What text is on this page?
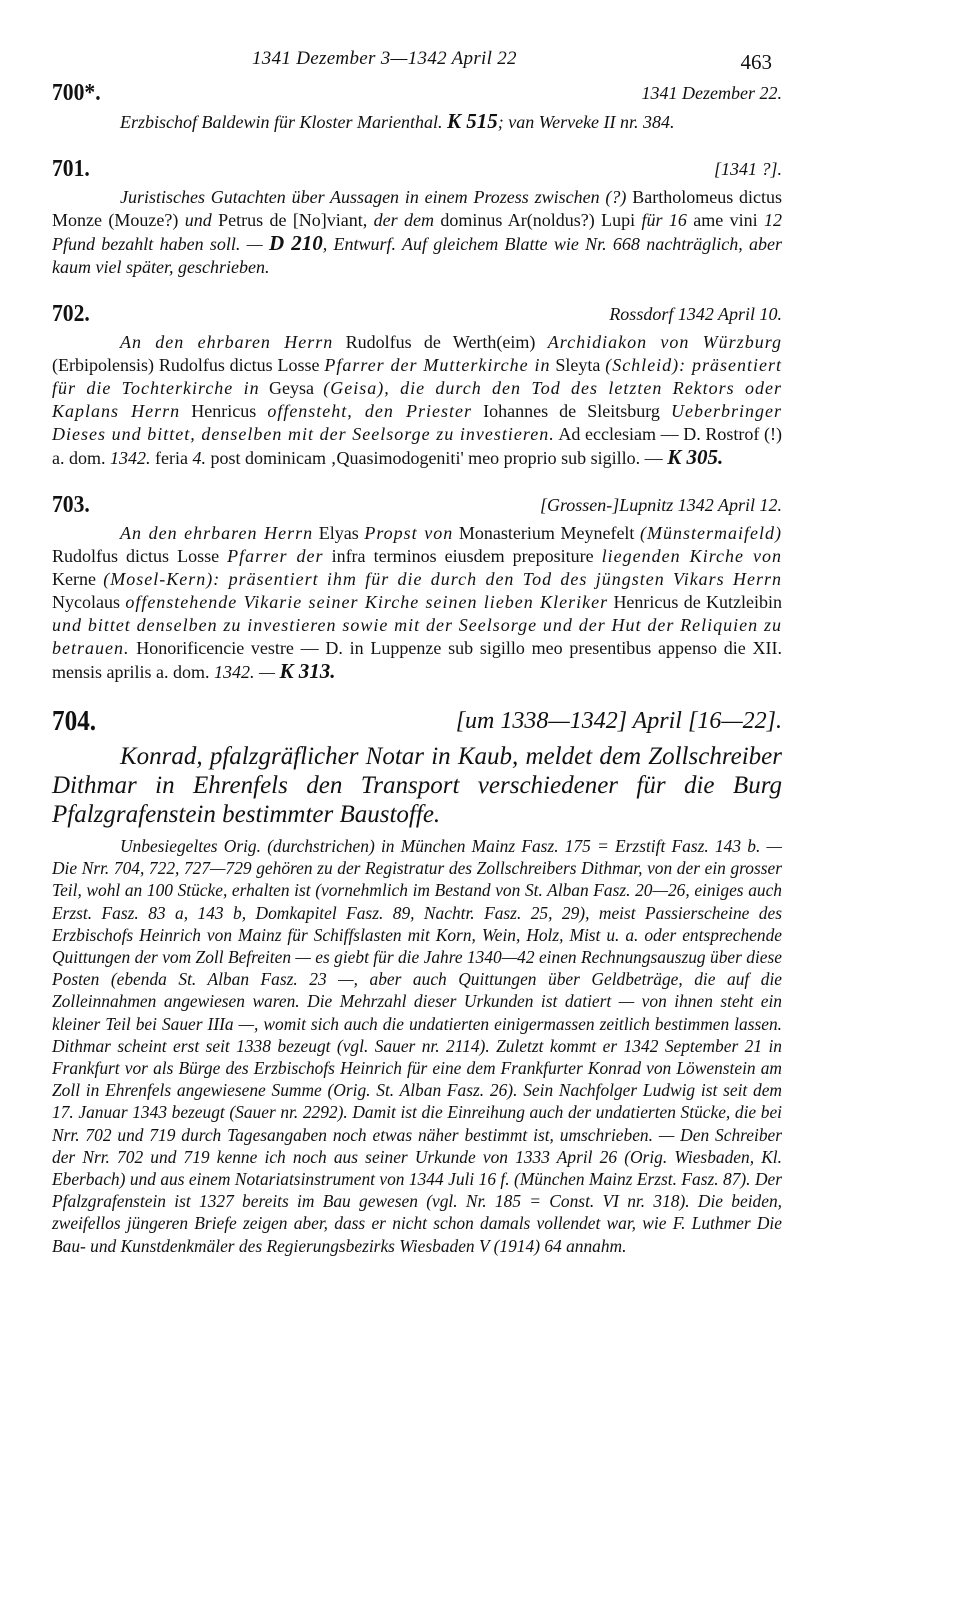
1341 Dezember 3—1342 April 22	463
700*.	1341 Dezember 22.
Erzbischof Baldewin für Kloster Marienthal. K 515; van Werveke II nr. 384.
701.	[1341 ?].
Juristisches Gutachten über Aussagen in einem Prozess zwischen (?) Bartholomeus dictus Monze (Mouze?) und Petrus de [No]viant, der dem dominus Ar(noldus?) Lupi für 16 ame vini 12 Pfund bezahlt haben soll. — D 210, Entwurf. Auf gleichem Blatte wie Nr. 668 nachträglich, aber kaum viel später, geschrieben.
702.	Rossdorf 1342 April 10.
An den ehrbaren Herrn Rudolfus de Werth(eim) Archidiakon von Würzburg (Erbipolensis) Rudolfus dictus Losse Pfarrer der Mutterkirche in Sleyta (Schleid): präsentiert für die Tochterkirche in Geysa (Geisa), die durch den Tod des letzten Rektors oder Kaplans Herrn Henricus offensteht, den Priester Iohannes de Sleitsburg Ueberbringer Dieses und bittet, denselben mit der Seelsorge zu investieren. Ad ecclesiam — D. Rostrof (!) a. dom. 1342. feria 4. post dominicam ‚Quasimodogeniti' meo proprio sub sigillo. — K 305.
703.	[Grossen-]Lupnitz 1342 April 12.
An den ehrbaren Herrn Elyas Propst von Monasterium Meynefelt (Münstermaifeld) Rudolfus dictus Losse Pfarrer der infra terminos eiusdem prepositure liegenden Kirche von Kerne (Mosel-Kern): präsentiert ihm für die durch den Tod des jüngsten Vikars Herrn Nycolaus offenstehende Vikarie seiner Kirche seinen lieben Kleriker Henricus de Kutzleibin und bittet denselben zu investieren sowie mit der Seelsorge und der Hut der Reliquien zu betrauen. Honorificencie vestre — D. in Luppenze sub sigillo meo presentibus appenso die XII. mensis aprilis a. dom. 1342. — K 313.
704.	[um 1338—1342] April [16—22].
Konrad, pfalzgräflicher Notar in Kaub, meldet dem Zollschreiber Dithmar in Ehrenfels den Transport verschiedener für die Burg Pfalzgrafenstein bestimmter Baustoffe.
Unbesiegeltes Orig. (durchstrichen) in München Mainz Fasz. 175 = Erzstift Fasz. 143 b. — Die Nrr. 704, 722, 727—729 gehören zu der Registratur des Zollschreibers Dithmar, von der ein grosser Teil, wohl an 100 Stücke, erhalten ist (vornehmlich im Bestand von St. Alban Fasz. 20—26, einiges auch Erzst. Fasz. 83 a, 143 b, Domkapitel Fasz. 89, Nachtr. Fasz. 25, 29), meist Passierscheine des Erzbischofs Heinrich von Mainz für Schiffslasten mit Korn, Wein, Holz, Mist u. a. oder entsprechende Quittungen der vom Zoll Befreiten — es giebt für die Jahre 1340—42 einen Rechnungsauszug über diese Posten (ebenda St. Alban Fasz. 23 —, aber auch Quittungen über Geldbeträge, die auf die Zolleinnahmen angewiesen waren. Die Mehrzahl dieser Urkunden ist datiert — von ihnen steht ein kleiner Teil bei Sauer IIIa —, womit sich auch die undatierten einigermassen zeitlich bestimmen lassen. Dithmar scheint erst seit 1338 bezeugt (vgl. Sauer nr. 2114). Zuletzt kommt er 1342 September 21 in Frankfurt vor als Bürge des Erzbischofs Heinrich für eine dem Frankfurter Konrad von Löwenstein am Zoll in Ehrenfels angewiesene Summe (Orig. St. Alban Fasz. 26). Sein Nachfolger Ludwig ist seit dem 17. Januar 1343 bezeugt (Sauer nr. 2292). Damit ist die Einreihung auch der undatierten Stücke, die bei Nrr. 702 und 719 durch Tagesangaben noch etwas näher bestimmt ist, umschrieben. — Den Schreiber der Nrr. 702 und 719 kenne ich noch aus seiner Urkunde von 1333 April 26 (Orig. Wiesbaden, Kl. Eberbach) und aus einem Notariatsinstrument von 1344 Juli 16 f. (München Mainz Erzst. Fasz. 87). Der Pfalzgrafenstein ist 1327 bereits im Bau gewesen (vgl. Nr. 185 = Const. VI nr. 318). Die beiden, zweifellos jüngeren Briefe zeigen aber, dass er nicht schon damals vollendet war, wie F. Luthmer Die Bau- und Kunstdenkmäler des Regierungsbezirks Wiesbaden V (1914) 64 annahm.
